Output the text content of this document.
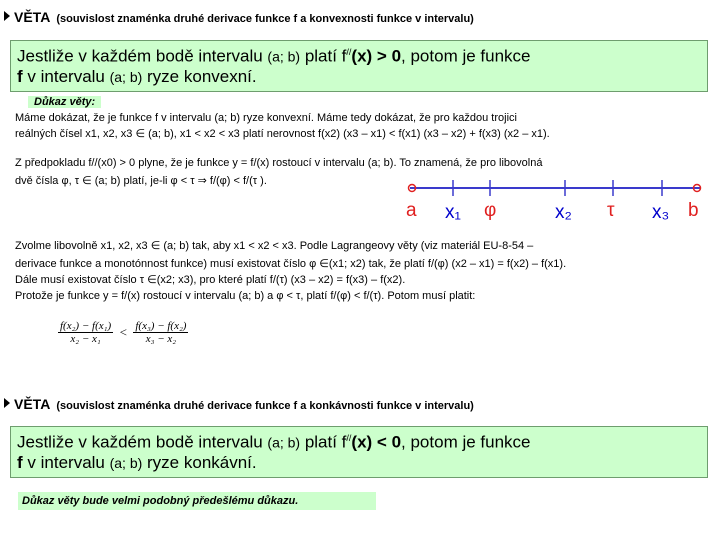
VĚTA (souvislost znaménka druhé derivace funkce f a konvexnosti funkce v intervalu)
Jestliže v každém bodě intervalu (a; b) platí f//(x) > 0, potom je funkce
f v intervalu (a; b) ryze konvexní.
Důkaz věty:
Máme dokázat, že je funkce f v intervalu (a; b) ryze konvexní. Máme tedy dokázat, že pro každou trojici
reálných čísel x1, x2, x3 ∈ (a; b), x1 < x2 < x3 platí nerovnost f(x2) (x3 – x1) < f(x1) (x3 – x2) + f(x3) (x2 – x1).
Z předpokladu f//(x0) > 0 plyne, že je funkce y = f/(x) rostoucí v intervalu (a; b). To znamená, že pro libovolná
dvě čísla φ, τ ∈ (a; b) platí, je-li φ < τ ⇒ f/(φ) < f/(τ ).
a x₁ φ	x₂ τ x₃ b
Zvolme libovolně x1, x2, x3 ∈ (a; b) tak, aby x1 < x2 < x3. Podle Lagrangeovy věty (viz materiál EU-8-54 –
derivace funkce a monotónnost funkce) musí existovat číslo φ ∈(x1; x2) tak, že platí f/(φ) (x2 – x1) = f(x2) – f(x1).
Dále musí existovat číslo τ ∈(x2; x3), pro které platí f/(τ) (x3 – x2) = f(x3) – f(x2).
Protože je funkce y = f/(x) rostoucí v intervalu (a; b) a φ < τ, platí f/(φ) < f/(τ). Potom musí platit:
$\frac{\text{f(x₂) − f(x₁)}}{\text{x₂ − x₁}} < \frac{\text{f(x₃) − f(x₂)}}{\text{x₃ − x₂}}$
VĚTA (souvislost znaménka druhé derivace funkce f a konkávnosti funkce v intervalu)
Jestliže v každém bodě intervalu (a; b) platí f//(x) < 0, potom je funkce
f v intervalu (a; b) ryze konkávní.
Důkaz věty bude velmi podobný předešlému důkazu.
